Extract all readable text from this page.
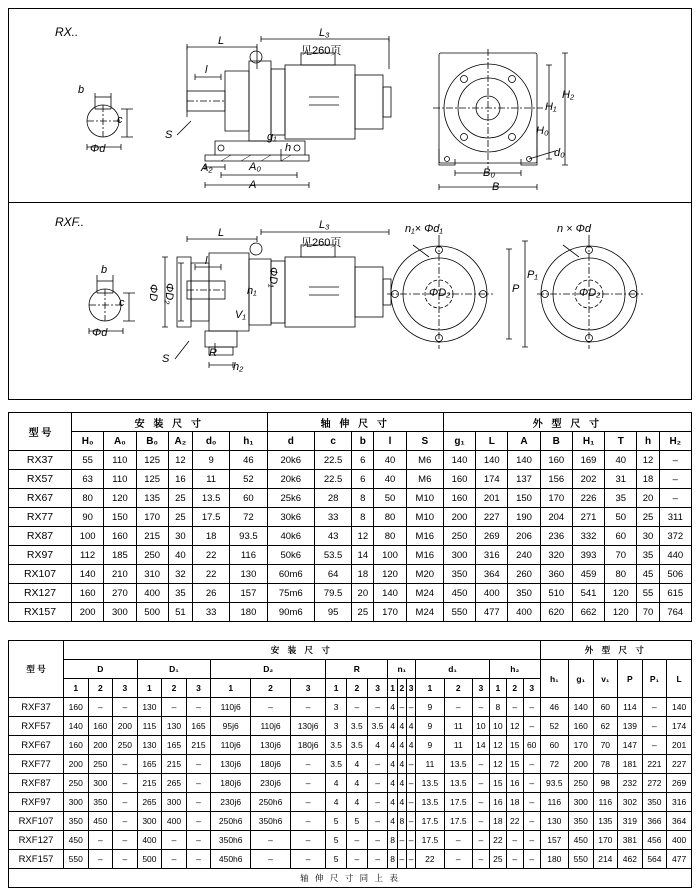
RX..
RXF..
L
L₃
见260页
l
b
c
Φd
S
A₂	A₀
A
h
g₁
H₁
H₂
H₀
d₀
B₀
B
L
L₃
见260页
l
b
c
Φd
ΦD ΦD₂
ΦD₁
V₁
h₁
S	R
h₂
n₁× Φd₁	n × Φd
P
P₁
ΦD₂	ΦD₂
型 号	安 装 尺 寸						轴 伸 尺 寸					外 型 尺 寸							
	H₀	A₀	B₀	A₂	d₀	h₁	d	c	b	l	S	g₁	L	A	B	H₁	T	h	H₂
RX37	55	110	125	12	9	46	20k6	22.5	6	40	M6	140	140	140	160	169	40	12	–
RX57	63	110	125	16	11	52	20k6	22.5	6	40	M6	160	174	137	156	202	31	18	–
RX67	80	120	135	25	13.5	60	25k6	28	8	50	M10	160	201	150	170	226	35	20	–
RX77	90	150	170	25	17.5	72	30k6	33	8	80	M10	200	227	190	204	271	50	25	311
RX87	100	160	215	30	18	93.5	40k6	43	12	80	M16	250	269	206	236	332	60	30	372
RX97	112	185	250	40	22	116	50k6	53.5	14	100	M16	300	316	240	320	393	70	35	440
RX107	140	210	310	32	22	130	60m6	64	18	120	M20	350	364	260	360	459	80	45	506
RX127	160	270	400	35	26	157	75m6	79.5	20	140	M24	450	400	350	510	541	120	55	615
RX157	200	300	500	51	33	180	90m6	95	25	170	M24	550	477	400	620	662	120	70	764
型 号	安 装 尺 寸																					外 型 尺 寸					
	D			D₁			D₂			R			n₁			d₁			h₂			h₁	g₁	v₁	P	P₁	L
	1	2	3	1	2	3	1	2	3	1	2	3	1	2	3	1	2	3	1	2	3						
RXF37	160	–	–	130	–	–	110j6	–	–	3	–	–	4	–	–	9	–	–	8	–	–	46	140	60	114	–	140
RXF57	140	160	200	115	130	165	95j6	110j6	130j6	3	3.5	3.5	4	4	4	9	11	10	10	12	–	52	160	62	139	–	174
RXF67	160	200	250	130	165	215	110j6	130j6	180j6	3.5	3.5	4	4	4	4	9	11	14	12	15	60	60	170	70	147	–	201
RXF77	200	250	–	165	215	–	130j6	180j6	–	3.5	4	–	4	4	–	11	13.5	–	12	15	–	72	200	78	181	221	227
RXF87	250	300	–	215	265	–	180j6	230j6	–	4	4	–	4	4	–	13.5	13.5	–	15	16	–	93.5	250	98	232	272	269
RXF97	300	350	–	265	300	–	230j6	250h6	–	4	4	–	4	4	–	13.5	17.5	–	16	18	–	116	300	116	302	350	316
RXF107	350	450	–	300	400	–	250h6	350h6	–	5	5	–	4	8	–	17.5	17.5	–	18	22	–	130	350	135	319	366	364
RXF127	450	–	–	400	–	–	350h6	–	–	5	–	–	8	–	–	17.5	–	–	22	–	–	157	450	170	381	456	400
RXF157	550	–	–	500	–	–	450h6	–	–	5	–	–	8	–	–	22	–	–	25	–	–	180	550	214	462	564	477
轴 伸 尺 寸 同 上 表																											
